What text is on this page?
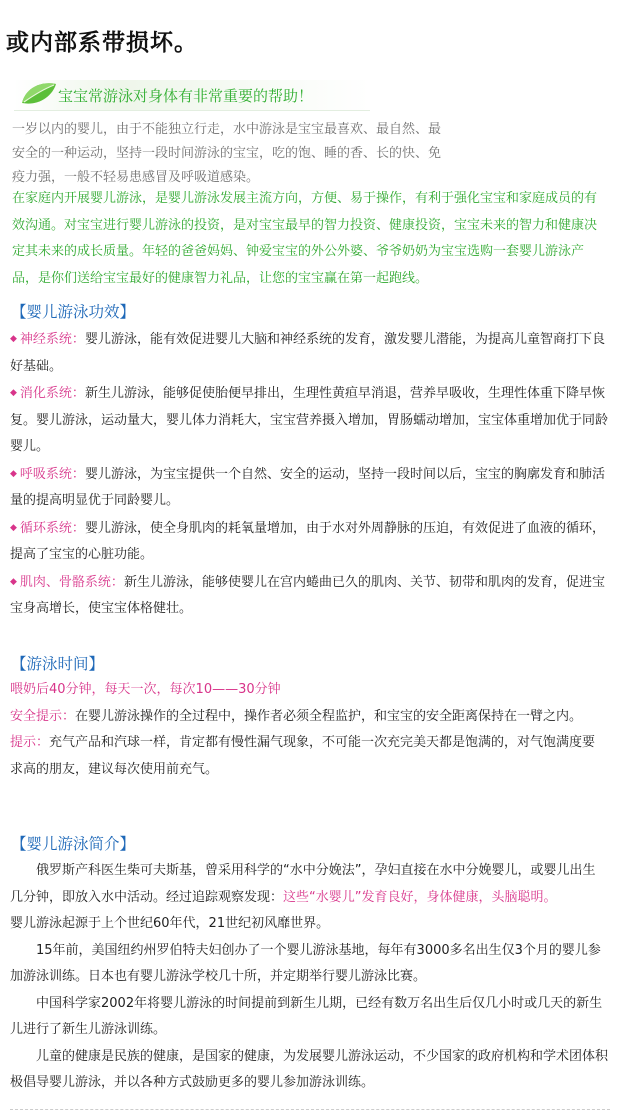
或内部系带损坏。
宝宝常游泳对身体有非常重要的帮助！

一岁以内的婴儿，由于不能独立行走，水中游泳是宝宝最喜欢、最自然、最安全的一种运动，坚持一段时间游泳的宝宝，吃的饱、睡的香、长的快、免疫力强，一般不轻易患感冒及呼吸道感染。

在家庭内开展婴儿游泳，是婴儿游泳发展主流方向，方便、易于操作，有利于强化宝宝和家庭成员的有效沟通。对宝宝进行婴儿游泳的投资，是对宝宝最早的智力投资、健康投资，宝宝未来的智力和健康决定其未来的成长质量。年轻的爸爸妈妈、钟爱宝宝的外公外婆、爷爷奶奶为宝宝选购一套婴儿游泳产品，是你们送给宝宝最好的健康智力礼品，让您的宝宝赢在第一起跑线。

【婴儿游泳功效】

◆ 神经系统：婴儿游泳，能有效促进婴儿大脑和神经系统的发育，激发婴儿潜能，为提高儿童智商打下良好基础。

◆ 消化系统：新生儿游泳，能够促使胎便早排出，生理性黄疸早消退，营养早吸收，生理性体重下降早恢复。婴儿游泳，运动量大，婴儿体力消耗大，宝宝营养摄入增加，胃肠蠕动增加，宝宝体重增加优于同龄婴儿。

◆ 呼吸系统：婴儿游泳，为宝宝提供一个自然、安全的运动，坚持一段时间以后，宝宝的胸廓发育和肺活量的提高明显优于同龄婴儿。

◆ 循环系统：婴儿游泳，使全身肌肉的耗氧量增加，由于水对外周静脉的压迫，有效促进了血液的循环，提高了宝宝的心脏功能。

◆ 肌肉、骨骼系统：新生儿游泳，能够使婴儿在宫内蜷曲已久的肌肉、关节、韧带和肌肉的发育，促进宝宝身高增长，使宝宝体格健壮。

【游泳时间】

喂奶后40分钟，每天一次，每次10——30分钟

安全提示：在婴儿游泳操作的全过程中，操作者必须全程监护，和宝宝的安全距离保持在一臂之内。

提示：充气产品和汽球一样，肯定都有慢性漏气现象，不可能一次充完美天都是饱满的，对气饱满度要求高的朋友，建议每次使用前充气。

【婴儿游泳简介】

俄罗斯产科医生柴可夫斯基，曾采用科学的“水中分娩法”，孕妇直接在水中分娩婴儿，或婴儿出生几分钟，即放入水中活动。经过追踪观察发现：这些“水婴儿”发育良好，身体健康，头脑聪明。

婴儿游泳起源于上个世纪60年代，21世纪初风靡世界。

15年前，美国纽约州罗伯特夫妇创办了一个婴儿游泳基地，每年有3000多名出生仅3个月的婴儿参加游泳训练。日本也有婴儿游泳学校几十所，并定期举行婴儿游泳比赛。

中国科学家2002年将婴儿游泳的时间提前到新生儿期，已经有数万名出生后仅几小时或几天的新生儿进行了新生儿游泳训练。

儿童的健康是民族的健康，是国家的健康，为发展婴儿游泳运动，不少国家的政府机构和学术团体积极倡导婴儿游泳，并以各种方式鼓励更多的婴儿参加游泳训练。
